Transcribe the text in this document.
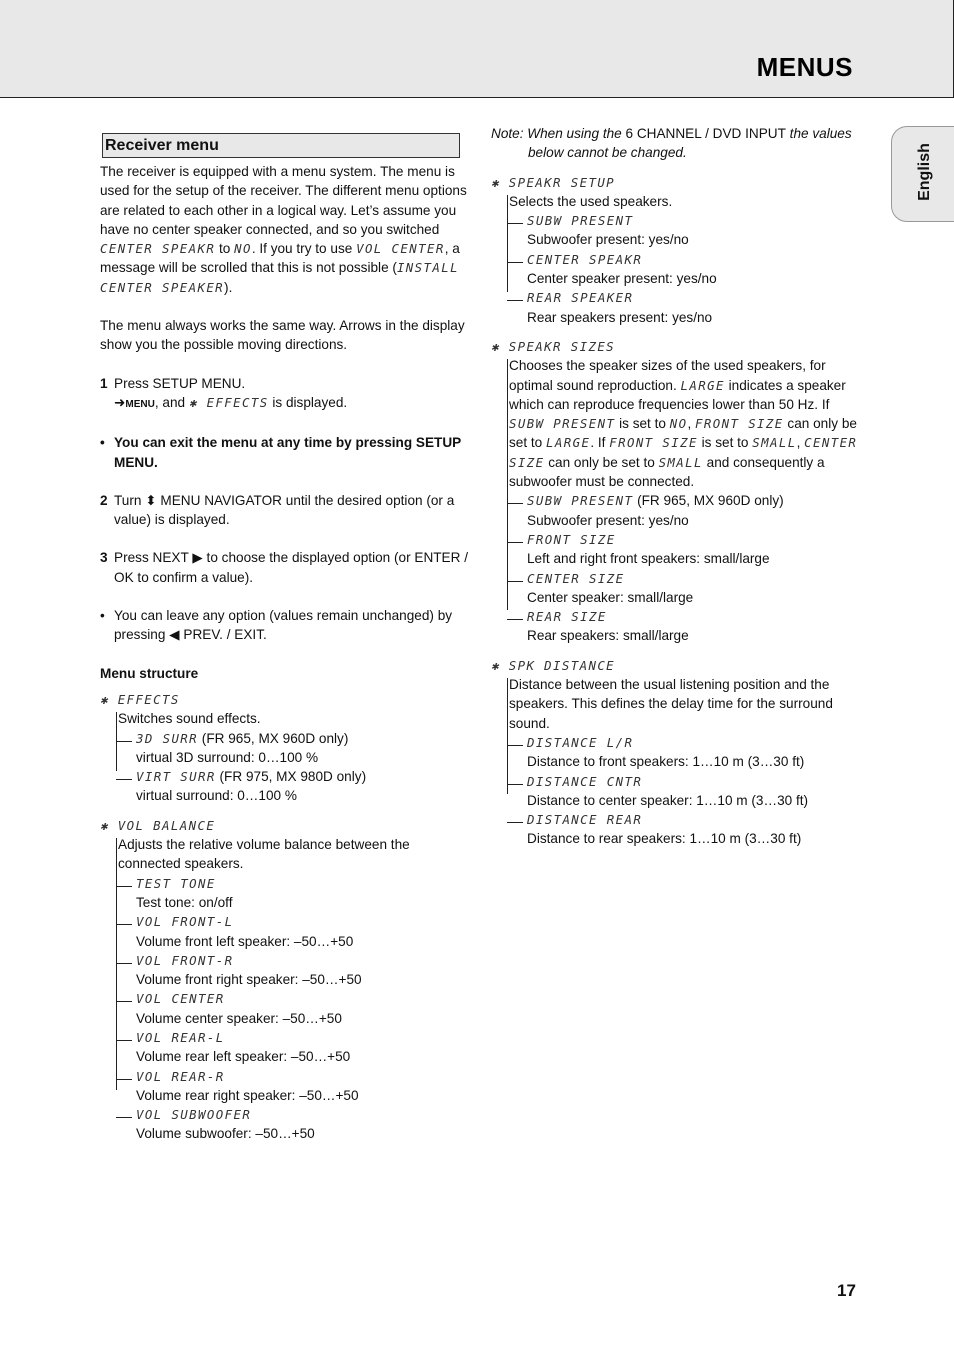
MENUS
English
Receiver menu

The receiver is equipped with a menu system. The menu is used for the setup of the receiver. The different menu options are related to each other in a logical way. Let’s assume you have no center speaker connected, and so you switched CENTER SPEAKR to NO. If you try to use VOL CENTER, a message will be scrolled that this is not possible (INSTALL CENTER SPEAKER).

The menu always works the same way. Arrows in the display show you the possible moving directions.

1 Press SETUP MENU.
➜MENU, and ✱ EFFECTS is displayed.
• You can exit the menu at any time by pressing SETUP MENU.
2 Turn ⬍ MENU NAVIGATOR until the desired option (or a value) is displayed.
3 Press NEXT ▶ to choose the displayed option (or ENTER / OK to confirm a value).
• You can leave any option (values remain unchanged) by pressing ◀ PREV. / EXIT.

Menu structure

✱ EFFECTS
Switches sound effects.
3D SURR (FR 965, MX 960D only)
virtual 3D surround: 0…100 %
VIRT SURR (FR 975, MX 980D only)
virtual surround: 0…100 %
✱ VOL BALANCE
Adjusts the relative volume balance between the connected speakers.
TEST TONE
Test tone: on/off
VOL FRONT-L
Volume front left speaker: –50…+50
VOL FRONT-R
Volume front right speaker: –50…+50
VOL CENTER
Volume center speaker: –50…+50
VOL REAR-L
Volume rear left speaker: –50…+50
VOL REAR-R
Volume rear right speaker: –50…+50
VOL SUBWOOFER
Volume subwoofer: –50…+50

Note: When using the 6 CHANNEL / DVD INPUT the values below cannot be changed.

✱ SPEAKR SETUP
Selects the used speakers.
SUBW PRESENT
Subwoofer present: yes/no
CENTER SPEAKR
Center speaker present: yes/no
REAR SPEAKER
Rear speakers present: yes/no
✱ SPEAKR SIZES
Chooses the speaker sizes of the used speakers, for optimal sound reproduction. LARGE indicates a speaker which can reproduce frequencies lower than 50 Hz. If SUBW PRESENT is set to NO, FRONT SIZE can only be set to LARGE. If FRONT SIZE is set to SMALL, CENTER SIZE can only be set to SMALL and consequently a subwoofer must be connected.
SUBW PRESENT (FR 965, MX 960D only)
Subwoofer present: yes/no
FRONT SIZE
Left and right front speakers: small/large
CENTER SIZE
Center speaker: small/large
REAR SIZE
Rear speakers: small/large
✱ SPK DISTANCE
Distance between the usual listening position and the speakers. This defines the delay time for the surround sound.
DISTANCE L/R
Distance to front speakers: 1…10 m (3…30 ft)
DISTANCE CNTR
Distance to center speaker: 1…10 m (3…30 ft)
DISTANCE REAR
Distance to rear speakers: 1…10 m (3…30 ft)
17
